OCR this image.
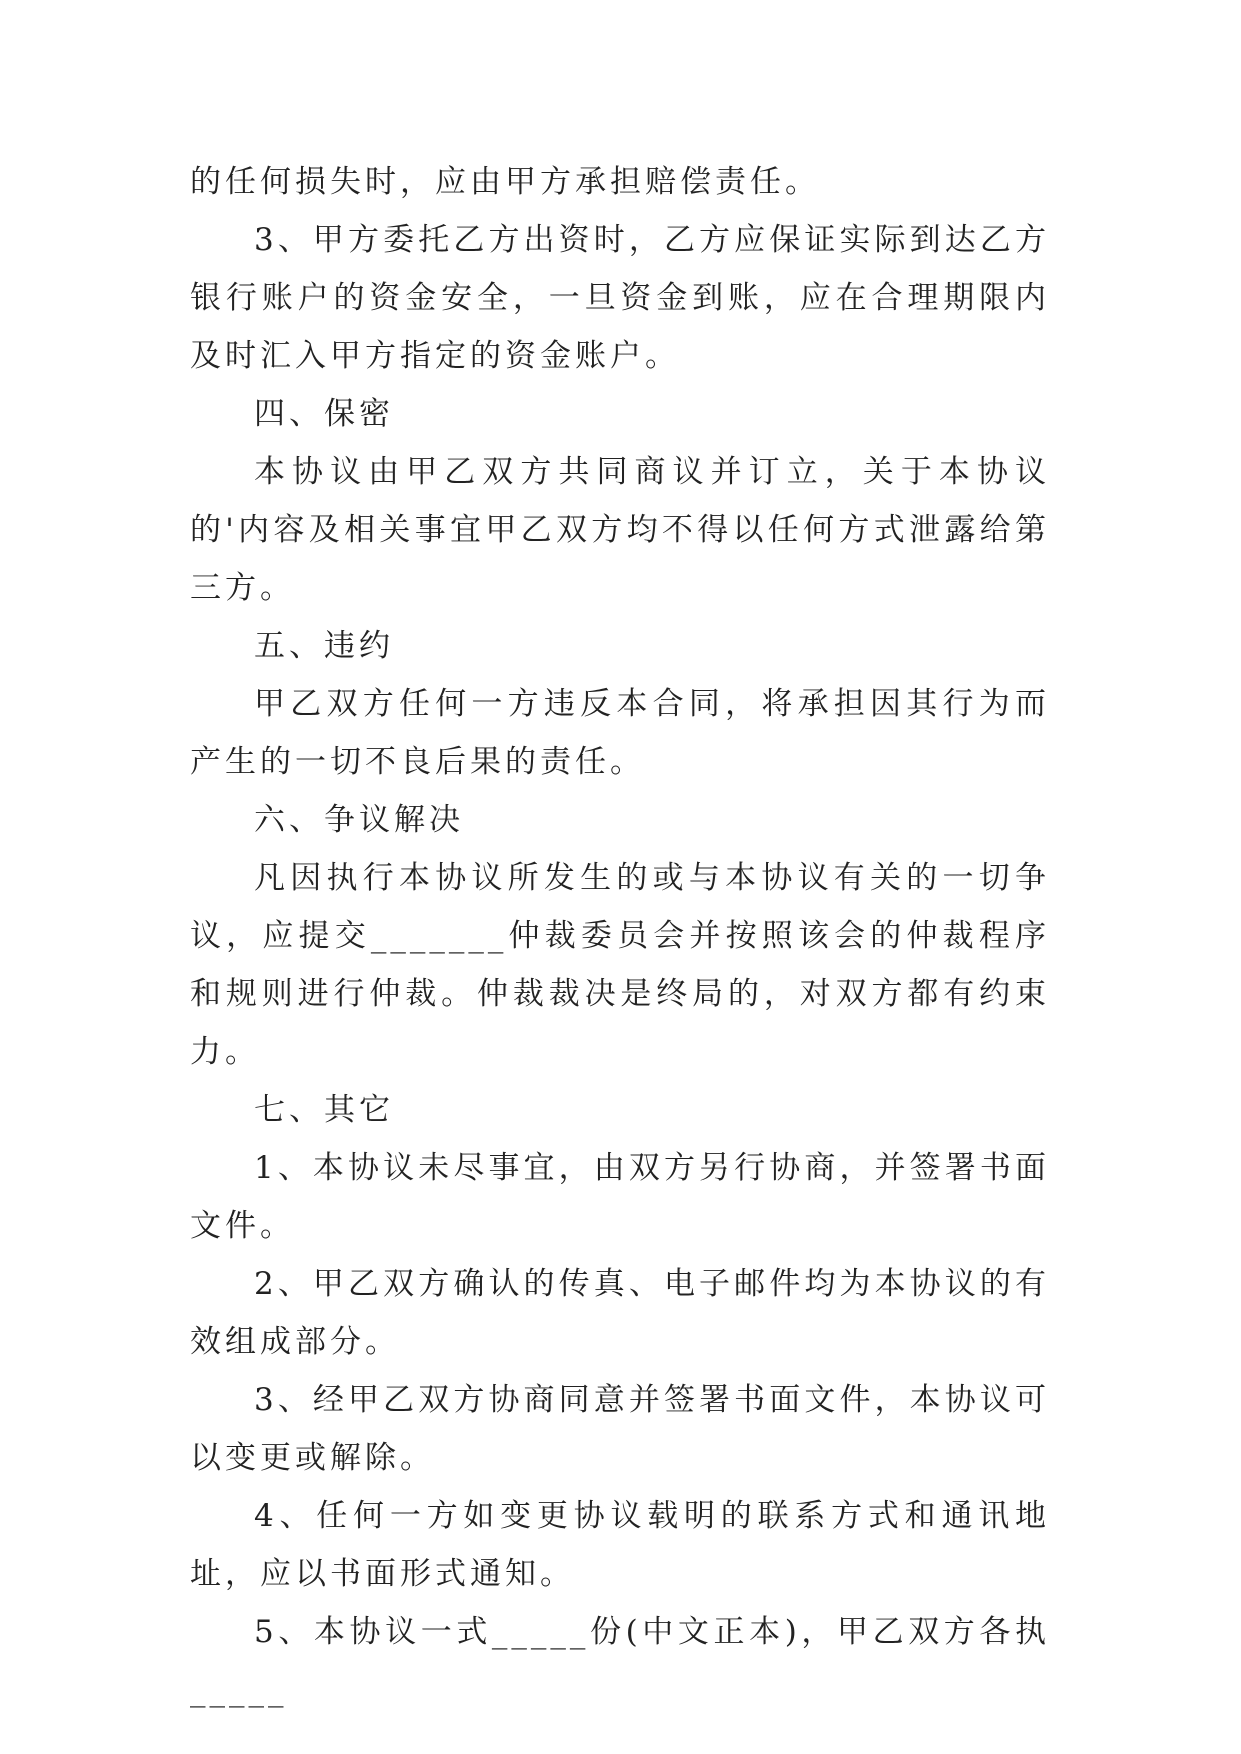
的任何损失时，应由甲方承担赔偿责任。

3、甲方委托乙方出资时，乙方应保证实际到达乙方银行账户的资金安全，一旦资金到账，应在合理期限内及时汇入甲方指定的资金账户。

四、保密

本协议由甲乙双方共同商议并订立，关于本协议的'内容及相关事宜甲乙双方均不得以任何方式泄露给第三方。

五、违约

甲乙双方任何一方违反本合同，将承担因其行为而产生的一切不良后果的责任。

六、争议解决

凡因执行本协议所发生的或与本协议有关的一切争议，应提交_______仲裁委员会并按照该会的仲裁程序和规则进行仲裁。仲裁裁决是终局的，对双方都有约束力。

七、其它

1、本协议未尽事宜，由双方另行协商，并签署书面文件。

2、甲乙双方确认的传真、电子邮件均为本协议的有效组成部分。

3、经甲乙双方协商同意并签署书面文件，本协议可以变更或解除。

4、任何一方如变更协议载明的联系方式和通讯地址，应以书面形式通知。

5、本协议一式_____份(中文正本)，甲乙双方各执_____
